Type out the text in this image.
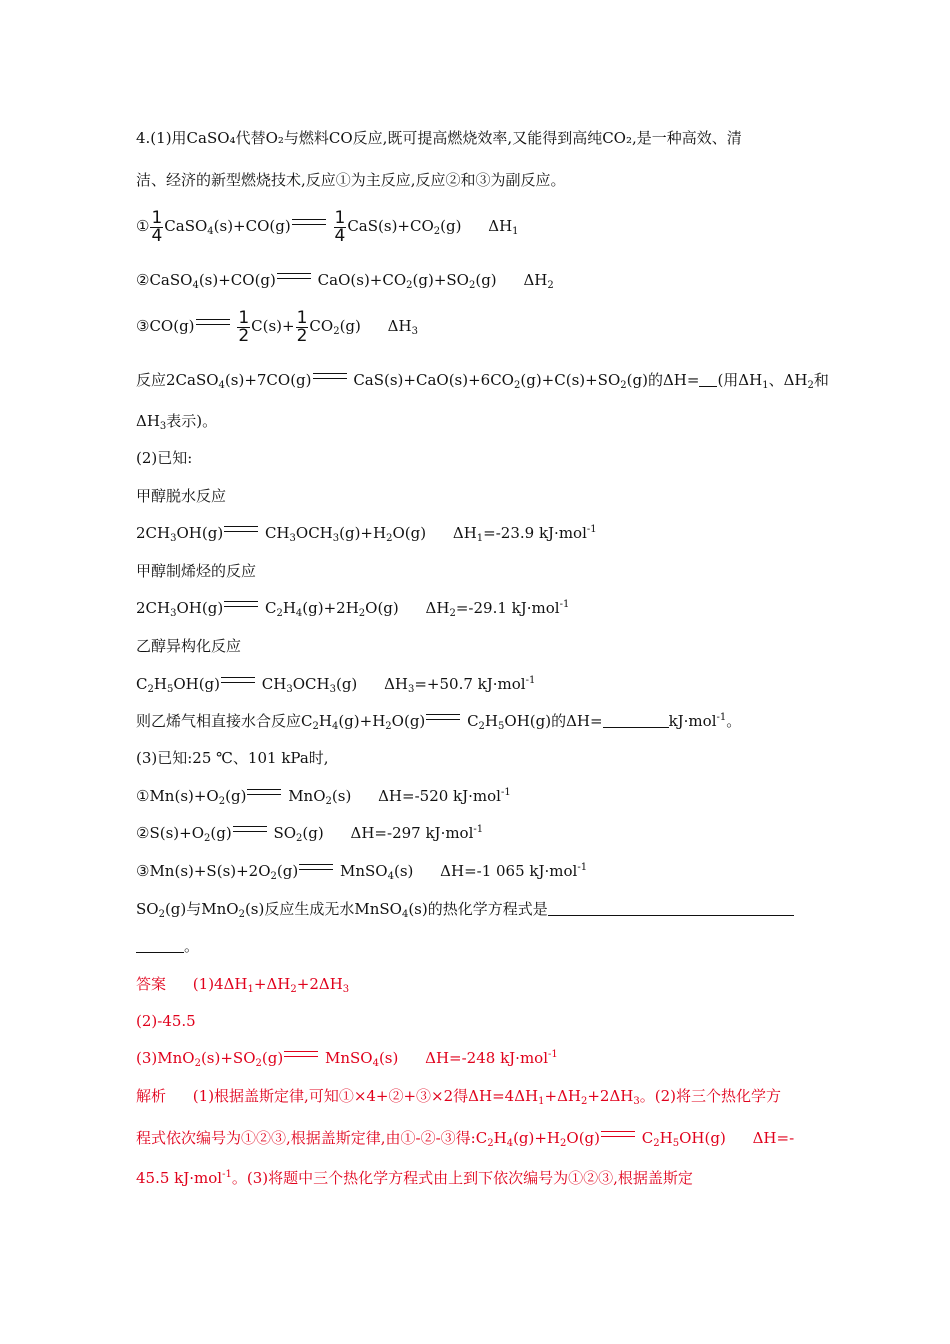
4.(1)用CaSO₄代替O₂与燃料CO反应,既可提高燃烧效率,又能得到高纯CO₂,是一种高效、清
洁、经济的新型燃烧技术,反应①为主反应,反应②和③为副反应。
① $\frac{1}{4}$ CaSO$_4$(s)+CO(g)	$\frac{1}{4} CaS(s)+CO_2(g)$ $\Delta H_1$
②CaSO$_4$(s)+CO(g)	$CaO(s)+CO_2(g)+SO_2(g)$ $\Delta H_2$
③CO(g)	$\frac{1}{2} C(s)+ \frac{1}{2} CO_2(g)$ $\Delta H_3$
反应2CaSO$_4$(s)+7CO(g)	$CaS(s)+CaO(s)+6CO_2(g)+C(s)+SO_2(g)$的ΔH= (用$\Delta H_1$、$\Delta H_2$和
$\Delta H_3$表示)。
(2)已知:
甲醇脱水反应
$2CH_3OH(g)$	$CH_3OCH_3(g)+H_2O(g)$ $\Delta H_1=-23.9$ kJ·mol$^{-1}$
甲醇制烯烃的反应
$2CH_3OH(g)$	$C_2H_4(g)+2H_2O(g)$ $\Delta H_2=-29.1$ kJ·mol$^{-1}$
乙醇异构化反应
$C_2H_5OH(g)$	$CH_3OCH_3(g)$ $\Delta H_3=+50.7$ kJ·mol$^{-1}$
则乙烯气相直接水合反应$C_2H_4(g)+H_2O(g)$	$C_2H_5OH(g)$的ΔH=	kJ·mol$^{-1}$。
(3)已知:25 ℃、101 kPa时,
$①Mn(s)+O_2(g)$	MnO$_2$(s) ΔH=-520 kJ·mol$^{-1}$
$②S(s)+O_2(g)$	$SO_2(g)$ ΔH=-297 kJ·mol$^{-1}$
$③Mn(s)+S(s)+2O_2(g)$	MnSO$_4$(s) ΔH=-1 065 kJ·mol$^{-1}$
$SO_2(g)$与MnO$_2$(s)反应生成无水MnSO$_4$(s)的热化学方程式是
。
答案 $(1)4\Delta H_1+\Delta H_2+2\Delta H_3$
(2)-45.5
$(3)MnO_2(s)+SO_2(g)$	MnSO$_4$(s) ΔH=-248 kJ·mol$^{-1}$
解析 (1)根据盖斯定律,可知①×4+②+③×2得$\Delta H=4\Delta H_1+\Delta H_2+2\Delta H_3$。(2)将三个热化学方
程式依次编号为①②③,根据盖斯定律,由①-②-③得$:C_2H_4(g)+H_2O(g)$	$C_2H_5OH(g)$ ΔH=-
45.5 kJ·mol$^{-1}$。(3)将题中三个热化学方程式由上到下依次编号为①②③,根据盖斯定
